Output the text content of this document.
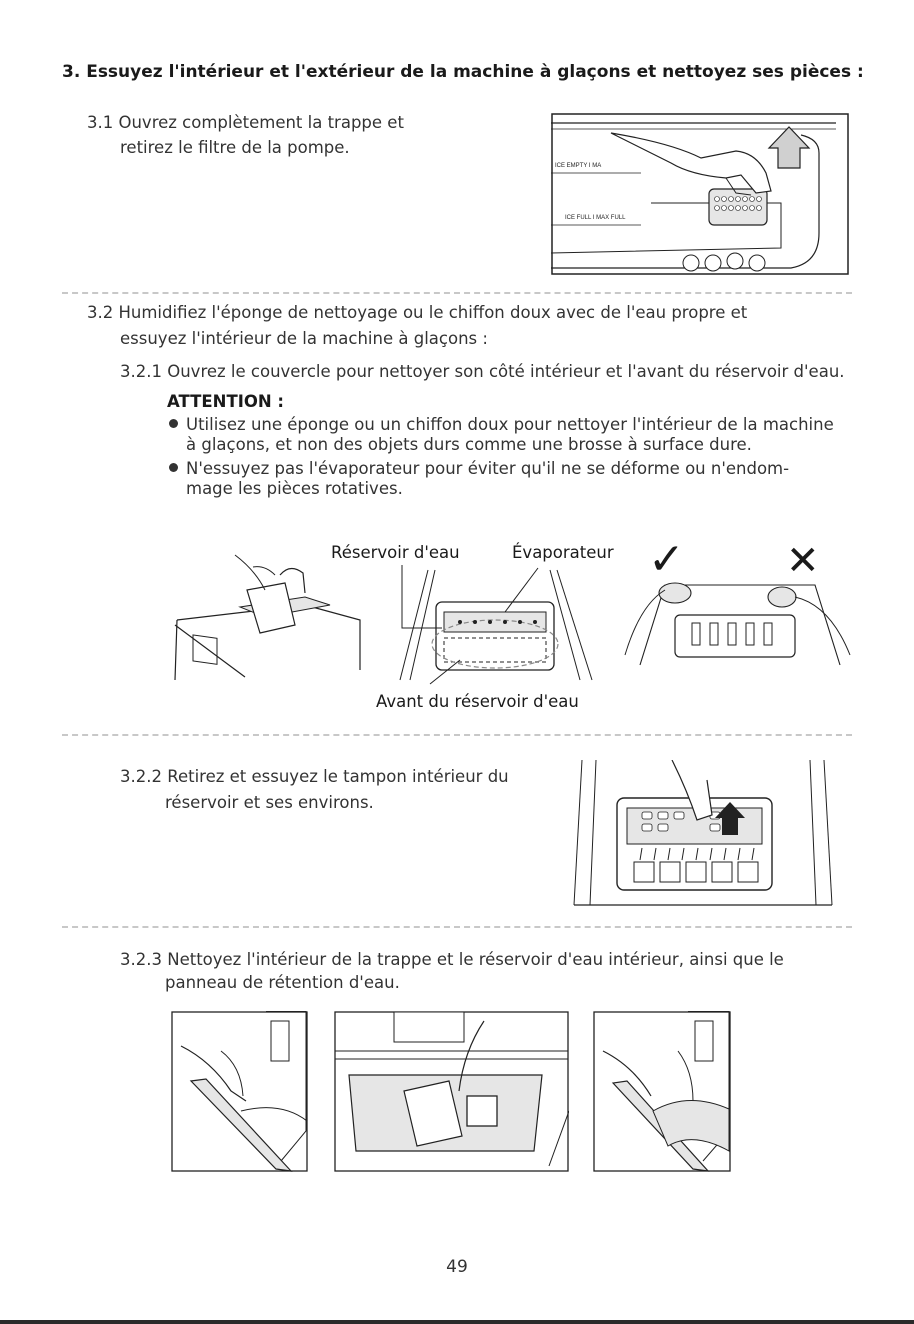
3. Essuyez l'intérieur et l'extérieur de la machine à glaçons et nettoyez ses pièces :
3.1 Ouvrez complètement la trappe et
retirez le filtre de la pompe.
ICE EMPTY I MA
ICE FULL I MAX FULL
3.2 Humidifiez l'éponge de nettoyage ou le chiffon doux avec de l'eau propre et
essuyez l'intérieur de la machine à glaçons :
3.2.1 Ouvrez le couvercle pour nettoyer son côté intérieur et l'avant du réservoir d'eau.
ATTENTION :
Utilisez une éponge ou un chiffon doux pour nettoyer l'intérieur de la machine
à glaçons, et non des objets durs comme une brosse à surface dure.
N'essuyez pas l'évaporateur pour éviter qu'il ne se déforme ou n'endom-
mage les pièces rotatives.
Réservoir d'eau	Évaporateur
Avant du réservoir d'eau
✓	✕
3.2.2 Retirez et essuyez le tampon intérieur du
réservoir et ses environs.
3.2.3 Nettoyez l'intérieur de la trappe et le réservoir d'eau intérieur, ainsi que le
panneau de rétention d'eau.
49
